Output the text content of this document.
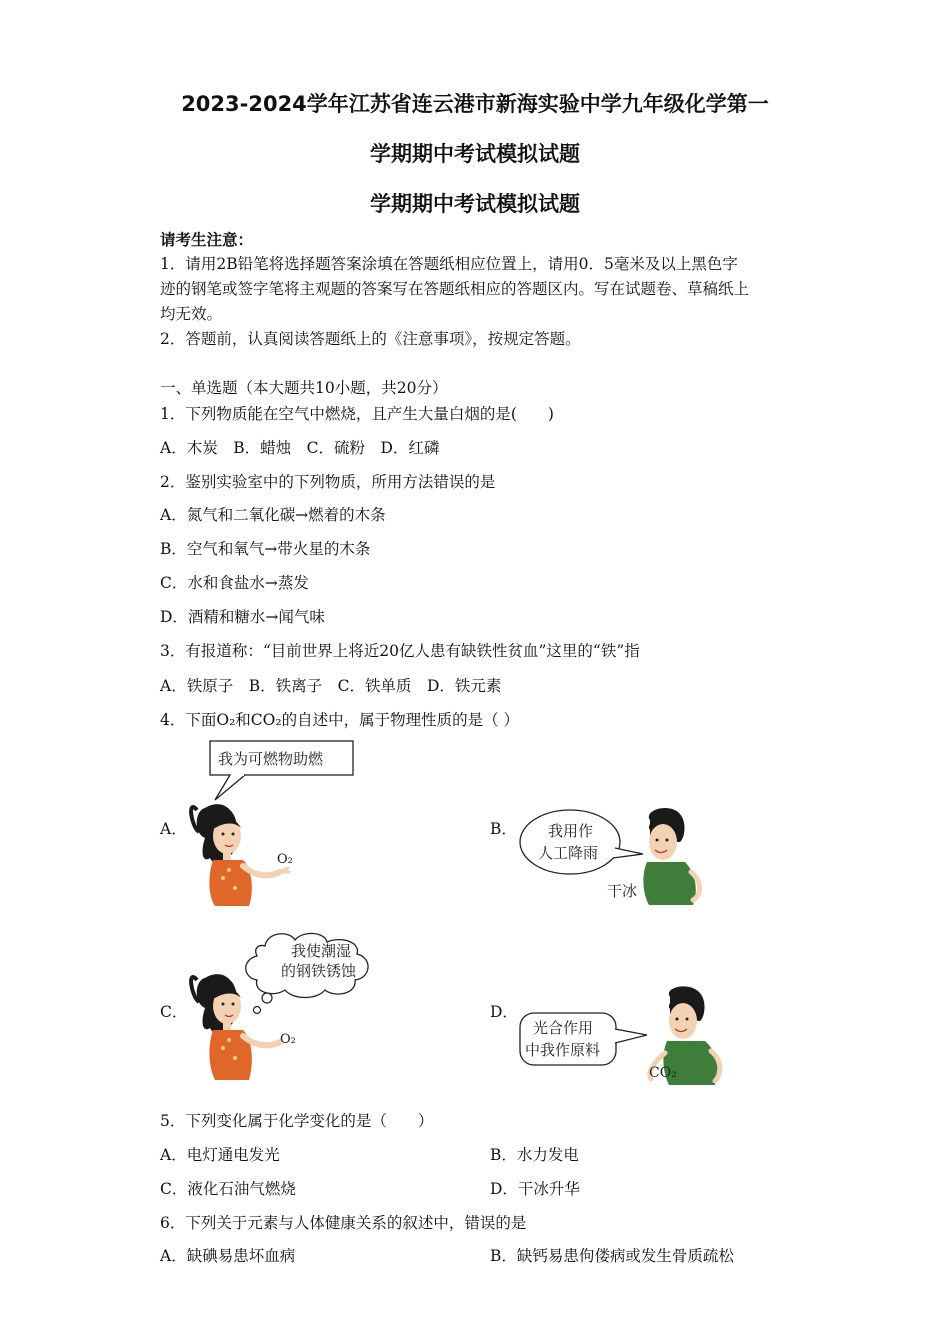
2023-2024学年江苏省连云港市新海实验中学九年级化学第一
学期期中考试模拟试题
学期期中考试模拟试题
请考生注意：
1．请用2B铅笔将选择题答案涂填在答题纸相应位置上，请用0．5毫米及以上黑色字
迹的钢笔或签字笔将主观题的答案写在答题纸相应的答题区内。写在试题卷、草稿纸上
均无效。
2．答题前，认真阅读答题纸上的《注意事项》，按规定答题。
一、单选题（本大题共10小题，共20分）
1．下列物质能在空气中燃烧，且产生大量白烟的是(　　)
A．木炭　B．蜡烛　C．硫粉　D．红磷
2．鉴别实验室中的下列物质，所用方法错误的是
A．氮气和二氧化碳→燃着的木条
B．空气和氧气→带火星的木条
C．水和食盐水→蒸发
D．酒精和糖水→闻气味
3．有报道称：“目前世界上将近20亿人患有缺铁性贫血”这里的“铁”指
A．铁原子　B．铁离子　C．铁单质　D．铁元素
4．下面O₂和CO₂的自述中，属于物理性质的是（ ）
A．	B．
C．	D．
我为可燃物助燃
O₂
我用作
人工降雨
干冰
我使潮湿
的钢铁锈蚀
O₂
光合作用
中我作原料
CO₂
5．下列变化属于化学变化的是（　　）
A．电灯通电发光	B．水力发电
C．液化石油气燃烧	D．干冰升华
6．下列关于元素与人体健康关系的叙述中，错误的是
A．缺碘易患坏血病	B．缺钙易患佝偻病或发生骨质疏松
